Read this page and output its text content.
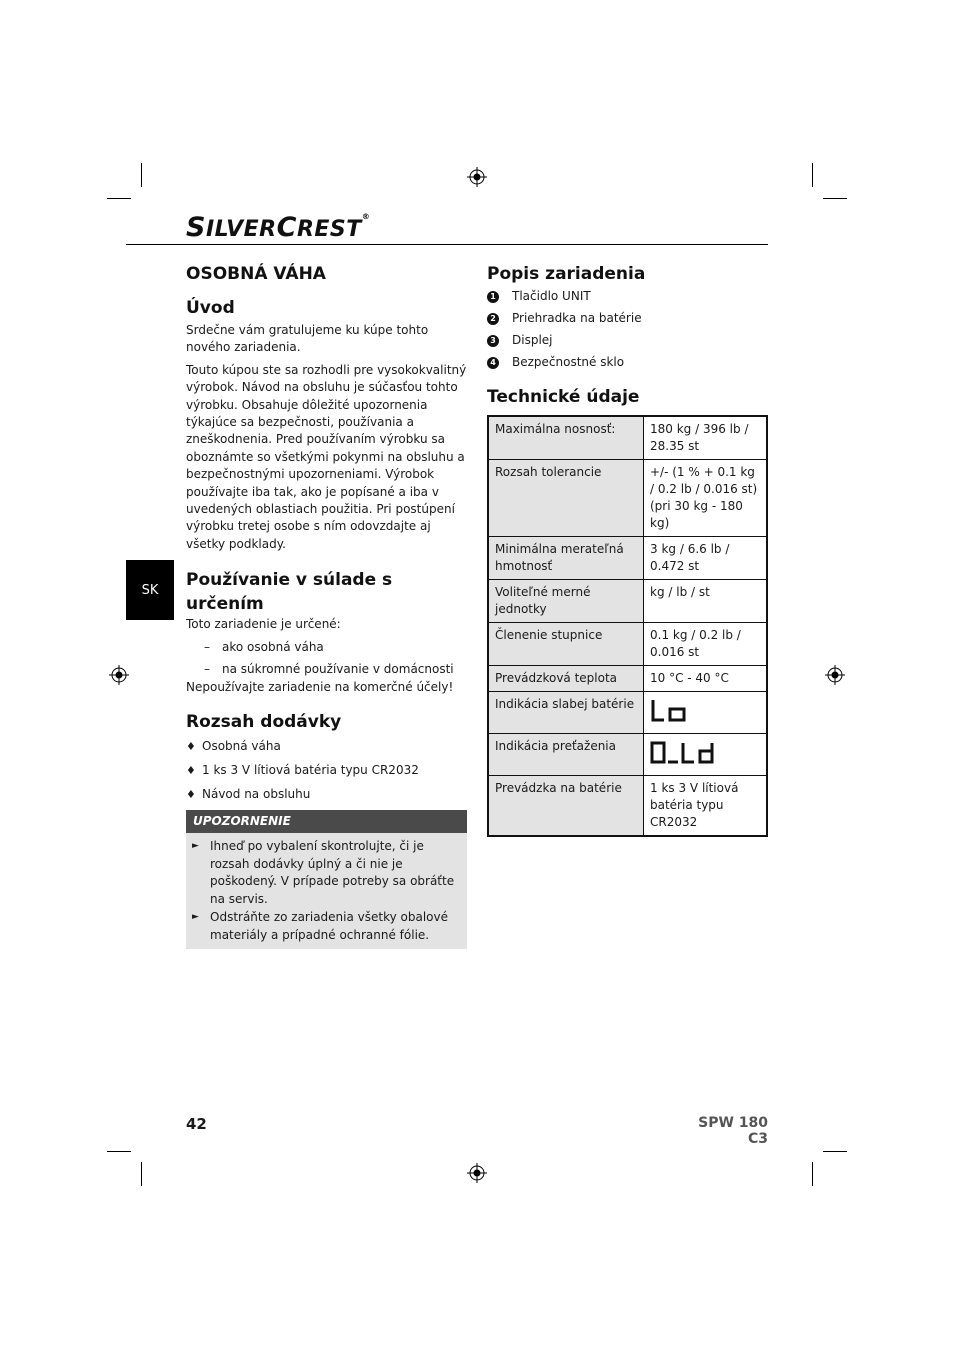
SILVERCREST®
SK
OSOBNÁ VÁHA
Úvod

Srdečne vám gratulujeme ku kúpe tohto nového zariadenia.

Touto kúpou ste sa rozhodli pre vysokokvalitný výrobok. Návod na obsluhu je súčasťou tohto výrobku. Obsahuje dôležité upozornenia týkajúce sa bezpečnosti, používania a zneškodnenia. Pred používaním výrobku sa oboznámte so všetkými pokynmi na obsluhu a bezpečnostnými upozorneniami. Výrobok používajte iba tak, ako je popísané a iba v uvedených oblastiach použitia. Pri postúpení výrobku tretej osobe s ním odovzdajte aj všetky podklady.

Používanie v súlade s určením

Toto zariadenie je určené:

– ako osobná váha
– na súkromné používanie v domácnosti

Nepoužívajte zariadenie na komerčné účely!

Rozsah dodávky
♦ Osobná váha
♦ 1 ks 3 V lítiová batéria typu CR2032
♦ Návod na obsluhu
UPOZORNENIE
► Ihneď po vybalení skontrolujte, či je rozsah dodávky úplný a či nie je poškodený. V prípade potreby sa obráťte na servis.
► Odstráňte zo zariadenia všetky obalové materiály a prípadné ochranné fólie.
Popis zariadenia
1 Tlačidlo UNIT
2 Priehradka na batérie
3 Displej
4 Bezpečnostné sklo
Technické údaje
Maximálna nosnosť:	180 kg / 396 lb / 28.35 st
Rozsah tolerancie	+/- (1 % + 0.1 kg / 0.2 lb / 0.016 st) (pri 30 kg - 180 kg)
Minimálna merateľná hmotnosť	3 kg / 6.6 lb / 0.472 st
Voliteľné merné jednotky	kg / lb / st
Členenie stupnice	0.1 kg / 0.2 lb / 0.016 st
Prevádzková teplota	10 °C - 40 °C
Indikácia slabej batérie	

Indikácia preťaženia	

Prevádzka na batérie	1 ks 3 V lítiová batéria typu CR2032
42	SPW 180 C3
